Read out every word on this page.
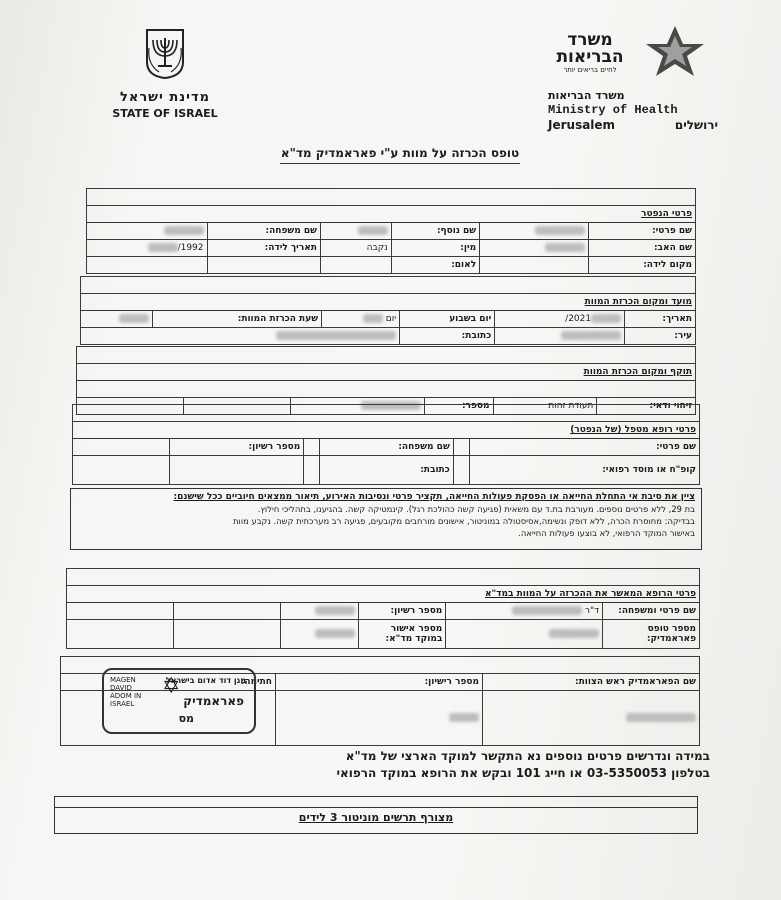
מדינת ישראל
STATE OF ISRAEL
משרד הבריאות
לחיים בריאים יותר
משרד הבריאות
Ministry of Health
Jerusalem	ירושלים
טופס הכרזה על מוות ע"י פאראמדיק מד"א

פרטי הנפטר					
שם פרטי:		שם נוסף:		שם משפחה:	
שם האב:		מין:	נקבה	תאריך לידה:	1992/
מקום לידה:		לאום:			

מועד ומקום הכרזת המוות					
תאריך:	2021/	יום בשבוע	יום	שעת הכרזת המוות:	
עיר:		כתובת:			

תוקף ומקום הכרזת המוות

זיהוי ודאי:	תעודת זהות	מספר:			

פרטי רופא מטפל (של הנפטר)					
שם פרטי:		שם משפחה:		מספר רשיון:	
קופ"ח או מוסד רפואי:		כתובת:			
ציין את סיבת אי התחלת החייאה או הפסקת פעולות החייאה, תקציר פרטי ונסיבות האירוע, תיאור ממצאים חיוביים ככל שישנם:
בת 29, ללא פרטים נוספים. מעורבת בת.ד עם משאית (פגיעה קשה כהולכת רגל). קינמטיקה קשה. בהגיענו, בתהליכי חילוץ.
בבדיקה: מחוסרת הכרה, ללא דופק ונשימה,אסיסטולה במוניטור, אישונים מורחבים מקובעים, פגיעה רב מערכתית קשה. נקבע מוות
באישור המוקד הרפואי, לא בוצעו פעולות החייאה.

פרטי הרופא המאשר את ההכרזה על המוות במד"א					
שם פרטי ומשפחה:	ד"ר	מספר רשיון:			
מספר טופס פאראמדיק:		מספר אישור במוקד מד"א:			

שם הפאראמדיק ראש הצוות:	מספר רישיון:	חתימה:

MAGEN DAVID ADOM IN ISRAEL
✡
מגן דוד אדום בישראל
פאראמדיק
מס
במידה ונדרשים פרטים נוספים נא התקשר למוקד הארצי של מד"א
בטלפון 03-5350053 או חייג 101 ובקש את הרופא במוקד הרפואי
מצורף תרשים מוניטור 3 לידים
